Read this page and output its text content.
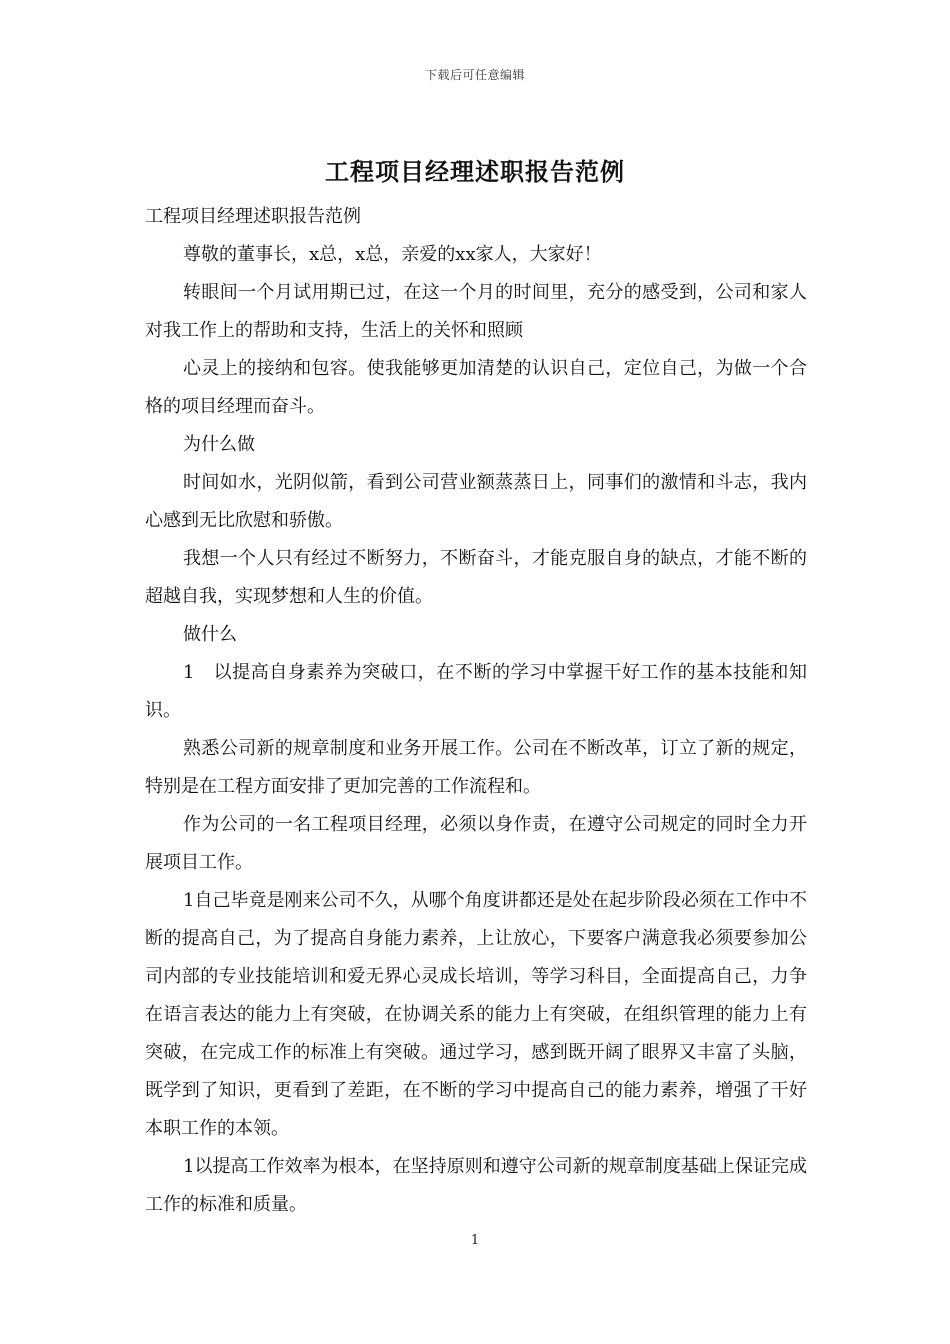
下载后可任意编辑
工程项目经理述职报告范例

工程项目经理述职报告范例

尊敬的董事长，x总，x总，亲爱的xx家人，大家好！

转眼间一个月试用期已过，在这一个月的时间里，充分的感受到，公司和家人对我工作上的帮助和支持，生活上的关怀和照顾

心灵上的接纳和包容。使我能够更加清楚的认识自己，定位自己，为做一个合格的项目经理而奋斗。

为什么做

时间如水，光阴似箭，看到公司营业额蒸蒸日上，同事们的激情和斗志，我内心感到无比欣慰和骄傲。

我想一个人只有经过不断努力，不断奋斗，才能克服自身的缺点，才能不断的超越自我，实现梦想和人生的价值。

做什么

1　以提高自身素养为突破口，在不断的学习中掌握干好工作的基本技能和知识。

熟悉公司新的规章制度和业务开展工作。公司在不断改革，订立了新的规定，特别是在工程方面安排了更加完善的工作流程和。

作为公司的一名工程项目经理，必须以身作责，在遵守公司规定的同时全力开展项目工作。

1自己毕竟是刚来公司不久，从哪个角度讲都还是处在起步阶段必须在工作中不断的提高自己，为了提高自身能力素养，上让放心，下要客户满意我必须要参加公司内部的专业技能培训和爱无界心灵成长培训，等学习科目，全面提高自己，力争在语言表达的能力上有突破，在协调关系的能力上有突破，在组织管理的能力上有突破，在完成工作的标准上有突破。通过学习，感到既开阔了眼界又丰富了头脑，既学到了知识，更看到了差距，在不断的学习中提高自己的能力素养，增强了干好本职工作的本领。

1以提高工作效率为根本，在坚持原则和遵守公司新的规章制度基础上保证完成工作的标准和质量。

1
